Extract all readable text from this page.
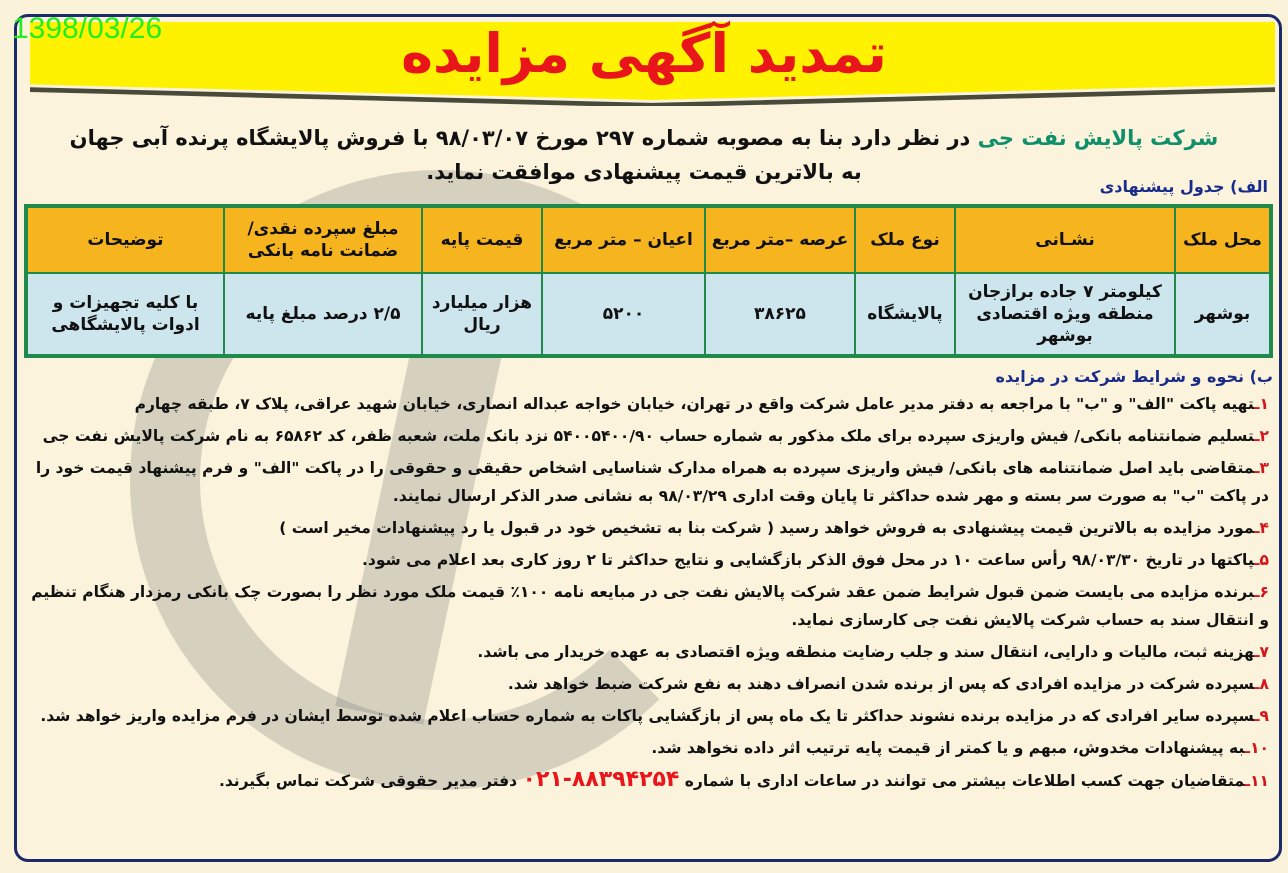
تمدید آگهی مزایده
1398/03/26
شرکت پالایش نفت جی در نظر دارد بنا به مصوبه شماره ۲۹۷ مورخ ۹۸/۰۳/۰۷ با فروش پالایشگاه پرنده آبی جهان
به بالاترین قیمت پیشنهادی موافقت نماید.
الف) جدول پیشنهادی
محل ملک	نشـانی	نوع ملک	عرصه –متر مربع	اعیان – متر مربع	قیمت پایه	مبلغ سپرده نقدی/ ضمانت نامه بانکی	توضیحات
بوشهر	کیلومتر ۷ جاده برازجان منطقه ویژه اقتصادی بوشهر	پالایشگاه	۳۸۶۲۵	۵۲۰۰	هزار میلیارد ریال	۲/۵ درصد مبلغ پایه	با کلیه تجهیزات و ادوات پالایشگاهی
ب) نحوه و شرایط شرکت در مزایده
۱ـتهیه پاکت "الف" و "ب" با مراجعه به دفتر مدیر عامل شرکت واقع در تهران، خیابان خواجه عبداله انصاری، خیابان شهید عراقی، پلاک ۷، طبقه چهارم
۲ـتسلیم ضمانتنامه بانکی/ فیش واریزی سپرده برای ملک مذکور به شماره حساب ۵۴۰۰۵۴۰۰/۹۰ نزد بانک ملت، شعبه ظفر، کد ۶۵۸۶۲ به نام شرکت پالایش نفت جی
۳ـمتقاضی باید اصل ضمانتنامه های بانکی/ فیش واریزی سپرده به همراه مدارک شناسایی اشخاص حقیقی و حقوقی را در پاکت "الف" و فرم پیشنهاد قیمت خود را در پاکت "ب" به صورت سر بسته و مهر شده حداکثر تا پایان وقت اداری ۹۸/۰۳/۲۹ به نشانی صدر الذکر ارسال نمایند.
۴ـمورد مزایده به بالاترین قیمت پیشنهادی به فروش خواهد رسید ( شرکت بنا به تشخیص خود در قبول یا رد پیشنهادات مخیر است )
۵ـپاکتها در تاریخ ۹۸/۰۳/۳۰ رأس ساعت ۱۰ در محل فوق الذکر بازگشایی و نتایج حداکثر تا ۲ روز کاری بعد اعلام می شود.
۶ـبرنده مزایده می بایست ضمن قبول شرایط ضمن عقد شرکت پالایش نفت جی در مبایعه نامه ۱۰۰٪ قیمت ملک مورد نظر را بصورت چک بانکی رمزدار هنگام تنظیم و انتقال سند به حساب شرکت پالایش نفت جی کارسازی نماید.
۷ـهزینه ثبت، مالیات و دارایی، انتقال سند و جلب رضایت منطقه ویژه اقتصادی به عهده خریدار می باشد.
۸ـسپرده شرکت در مزایده افرادی که پس از برنده شدن انصراف دهند به نفع شرکت ضبط خواهد شد.
۹ـسپرده سایر افرادی که در مزایده برنده نشوند حداکثر تا یک ماه پس از بازگشایی پاکات به شماره حساب اعلام شده توسط ایشان در فرم مزایده واریز خواهد شد.
۱۰ـبه پیشنهادات مخدوش، مبهم و یا کمتر از قیمت پایه ترتیب اثر داده نخواهد شد.
۱۱ـمتقاضیان جهت کسب اطلاعات بیشتر می توانند در ساعات اداری با شماره ۰۲۱-۸۸۳۹۴۲۵۴ دفتر مدیر حقوقی شرکت تماس بگیرند.
